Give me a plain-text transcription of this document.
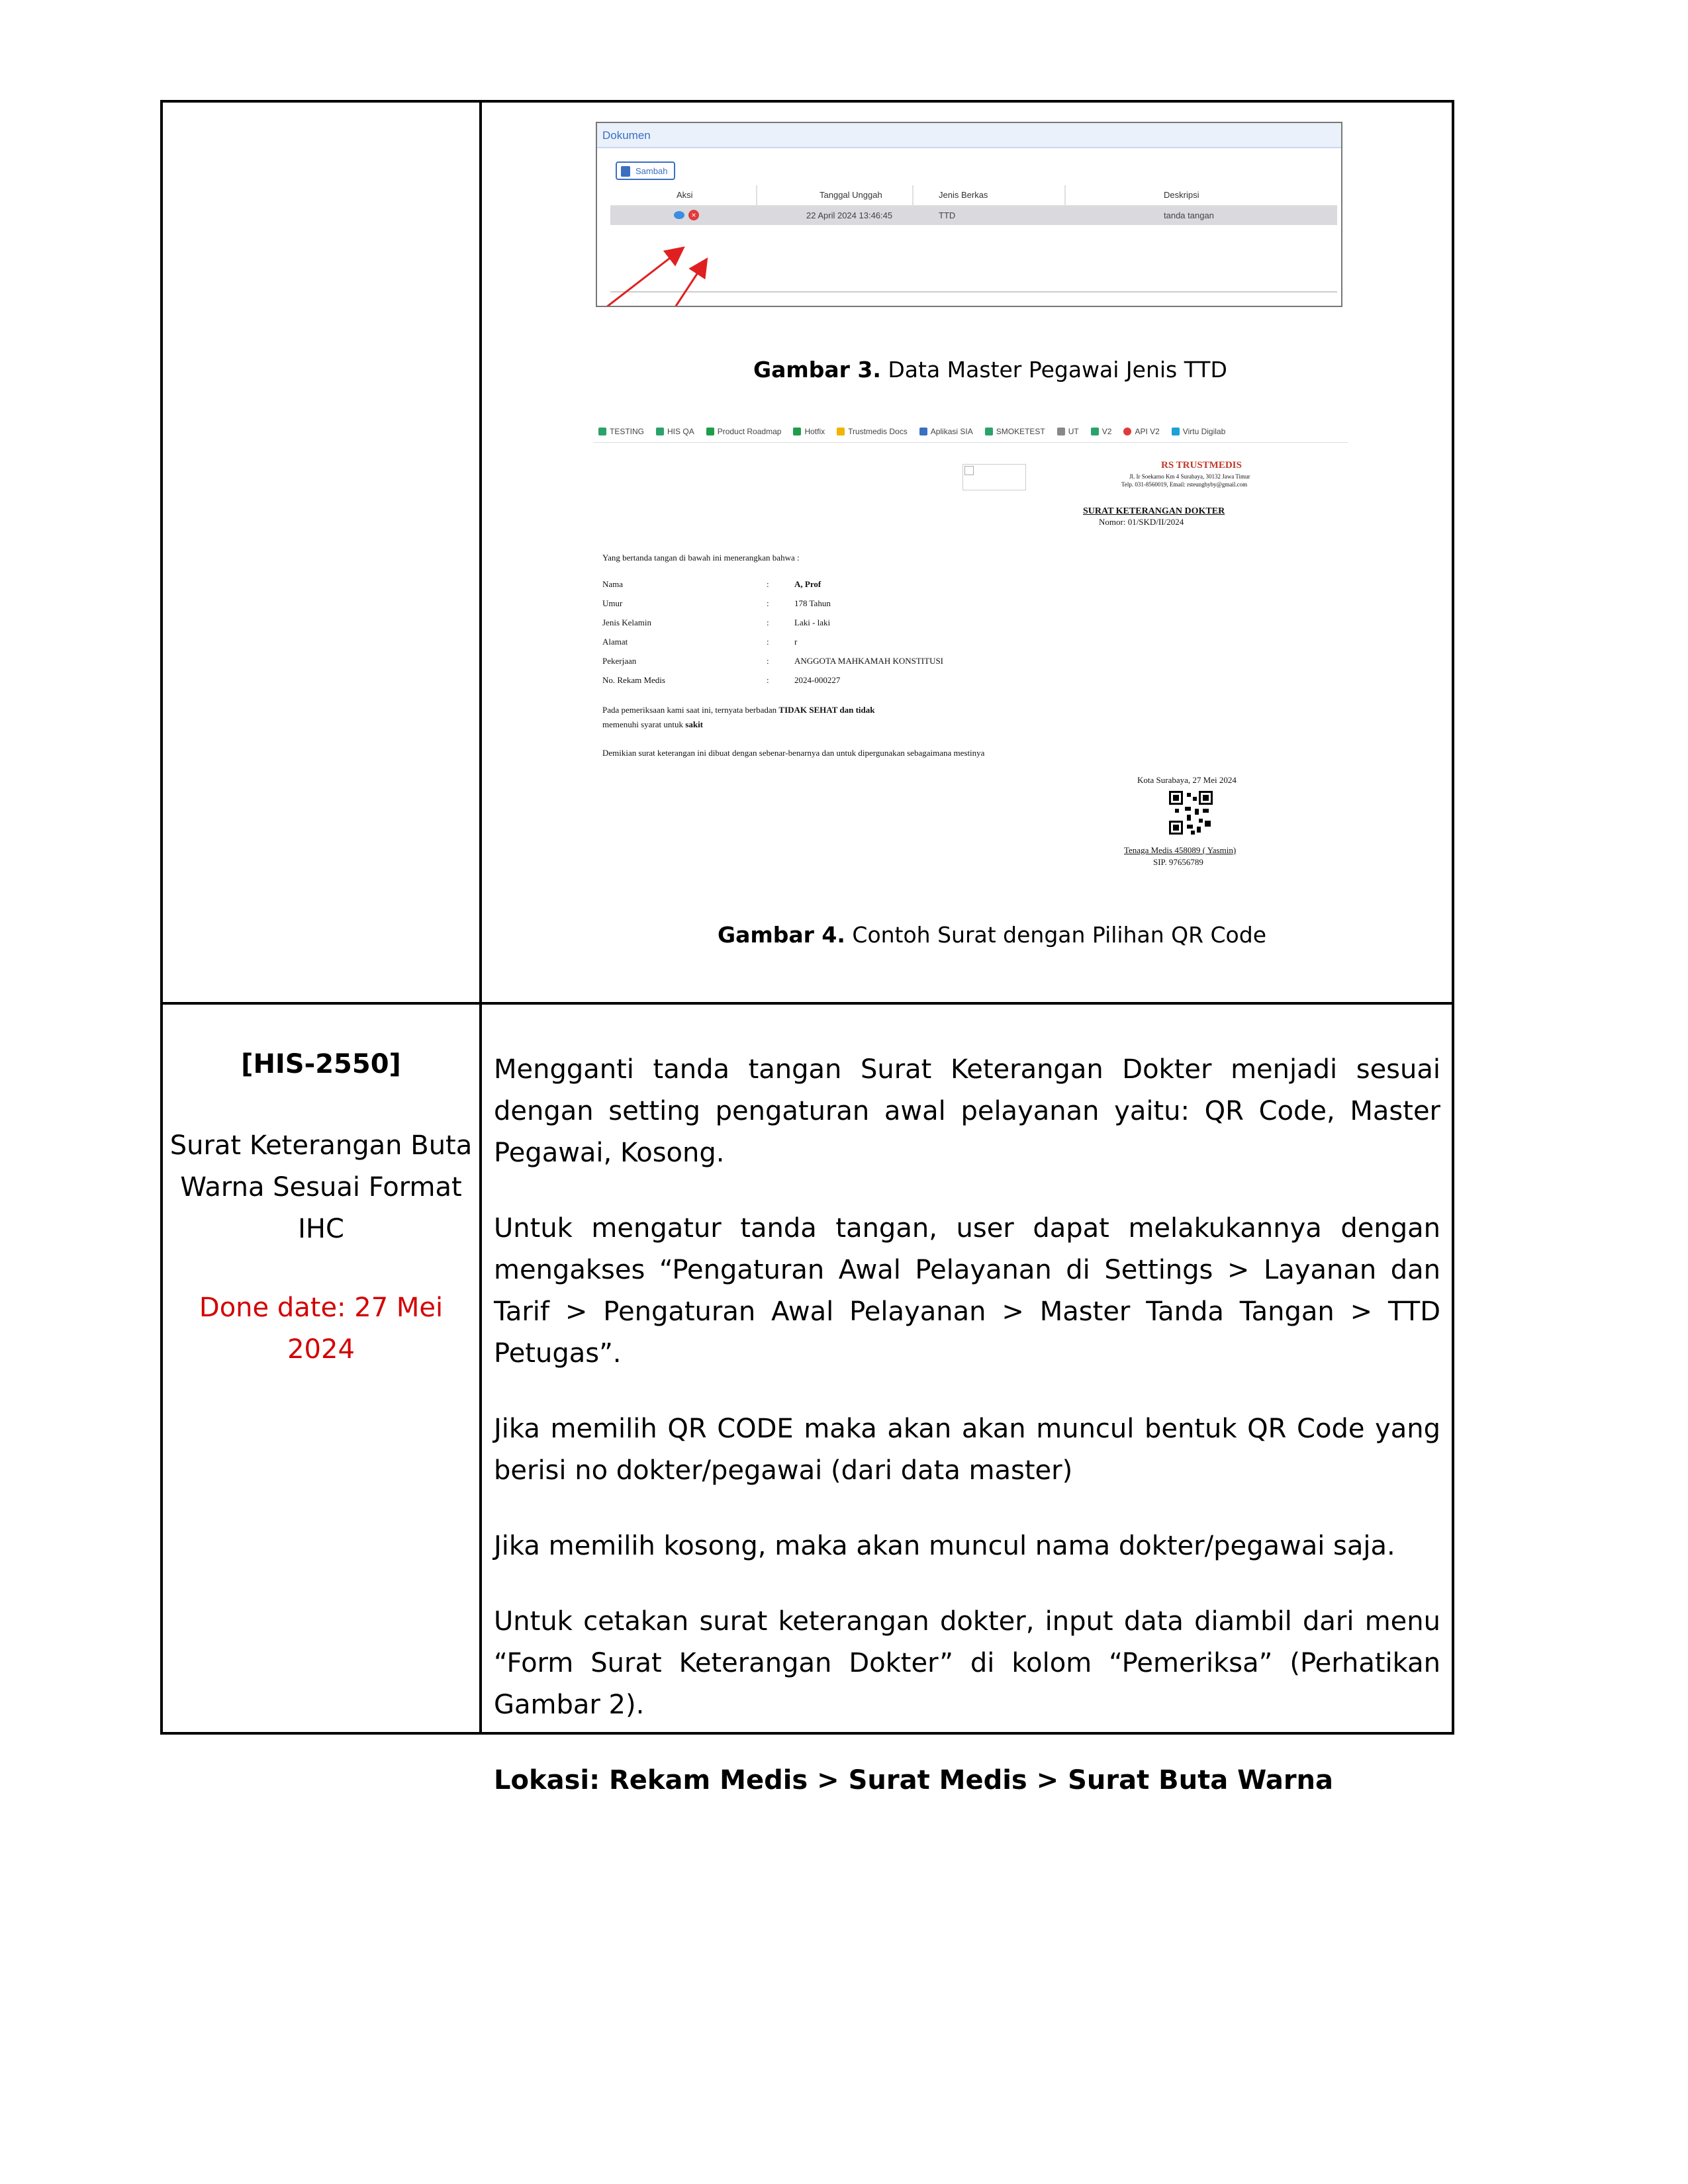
Dokumen
Sambah
Aksi	Tanggal Unggah	Jenis Berkas	Deskripsi
×	22 April 2024 13:46:45	TTD	tanda tangan
Gambar 3. Data Master Pegawai Jenis TTD
TESTING	HIS QA	Product Roadmap	Hotfix	Trustmedis Docs	Aplikasi SIA	SMOKETEST	UT	V2	API V2	Virtu Digilab
RS TRUSTMEDIS
Jl. Ir Soekarno Km 4 Surabaya, 30132 Jawa Timur
Telp. 031-8560019, Email: rsteunghyby@gmail.com
SURAT KETERANGAN DOKTER
Nomor: 01/SKD/II/2024
Yang bertanda tangan di bawah ini menerangkan bahwa :
Nama	:	A, Prof
Umur	:	178 Tahun
Jenis Kelamin	:	Laki - laki
Alamat	:	r
Pekerjaan	:	ANGGOTA MAHKAMAH KONSTITUSI
No. Rekam Medis	:	2024-000227
Pada pemeriksaan kami saat ini, ternyata berbadan TIDAK SEHAT dan tidak
memenuhi syarat untuk sakit
Demikian surat keterangan ini dibuat dengan sebenar-benarnya dan untuk dipergunakan sebagaimana mestinya
Kota Surabaya, 27 Mei 2024
Tenaga Medis 458089 ( Yasmin)
SIP. 97656789
Gambar 4. Contoh Surat dengan Pilihan QR Code
[HIS-2550]
Surat Keterangan Buta
Warna Sesuai Format
IHC
Done date: 27 Mei
2024

Mengganti tanda tangan Surat Keterangan Dokter menjadi sesuai dengan setting pengaturan awal pelayanan yaitu: QR Code, Master Pegawai, Kosong.

Untuk mengatur tanda tangan, user dapat melakukannya dengan mengakses “Pengaturan Awal Pelayanan di Settings > Layanan dan Tarif > Pengaturan Awal Pelayanan > Master Tanda Tangan > TTD Petugas”.

Jika memilih QR CODE maka akan akan muncul bentuk QR Code yang berisi no dokter/pegawai (dari data master)

Jika memilih kosong, maka akan muncul nama dokter/pegawai saja.

Untuk cetakan surat keterangan dokter, input data diambil dari menu “Form Surat Keterangan Dokter” di kolom “Pemeriksa” (Perhatikan Gambar 2).

Lokasi: Rekam Medis > Surat Medis > Surat Buta Warna
